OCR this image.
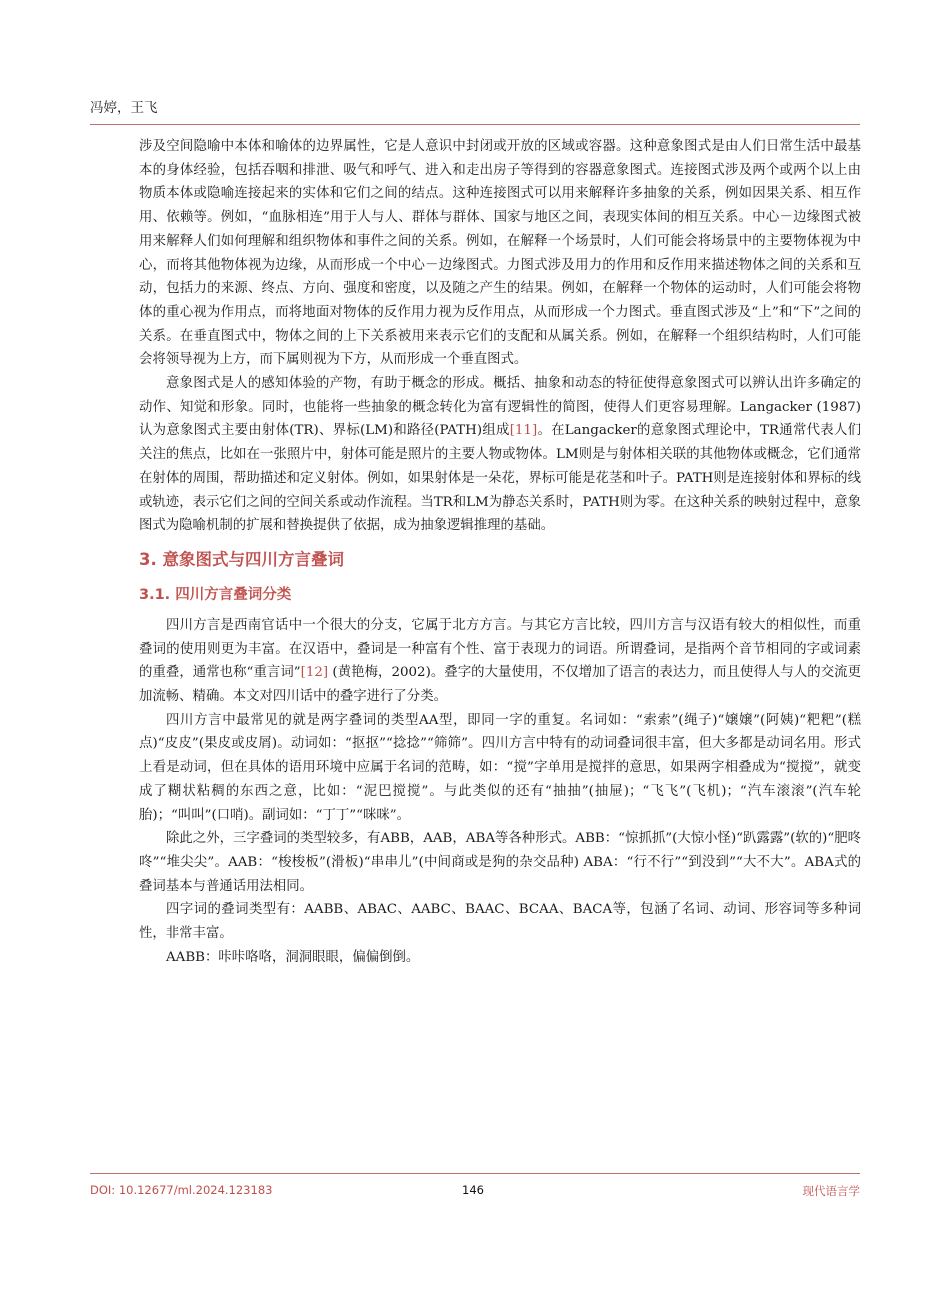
冯婷，王飞

涉及空间隐喻中本体和喻体的边界属性，它是人意识中封闭或开放的区域或容器。这种意象图式是由人们日常生活中最基本的身体经验，包括吞咽和排泄、吸气和呼气、进入和走出房子等得到的容器意象图式。连接图式涉及两个或两个以上由物质本体或隐喻连接起来的实体和它们之间的结点。这种连接图式可以用来解释许多抽象的关系，例如因果关系、相互作用、依赖等。例如，“血脉相连”用于人与人、群体与群体、国家与地区之间，表现实体间的相互关系。中心－边缘图式被用来解释人们如何理解和组织物体和事件之间的关系。例如，在解释一个场景时，人们可能会将场景中的主要物体视为中心，而将其他物体视为边缘，从而形成一个中心－边缘图式。力图式涉及用力的作用和反作用来描述物体之间的关系和互动，包括力的来源、终点、方向、强度和密度，以及随之产生的结果。例如，在解释一个物体的运动时，人们可能会将物体的重心视为作用点，而将地面对物体的反作用力视为反作用点，从而形成一个力图式。垂直图式涉及“上”和“下”之间的关系。在垂直图式中，物体之间的上下关系被用来表示它们的支配和从属关系。例如，在解释一个组织结构时，人们可能会将领导视为上方，而下属则视为下方，从而形成一个垂直图式。

意象图式是人的感知体验的产物，有助于概念的形成。概括、抽象和动态的特征使得意象图式可以辨认出许多确定的动作、知觉和形象。同时，也能将一些抽象的概念转化为富有逻辑性的简图，使得人们更容易理解。Langacker (1987)认为意象图式主要由射体(TR)、界标(LM)和路径(PATH)组成[11]。在Langacker的意象图式理论中，TR通常代表人们关注的焦点，比如在一张照片中，射体可能是照片的主要人物或物体。LM则是与射体相关联的其他物体或概念，它们通常在射体的周围，帮助描述和定义射体。例如，如果射体是一朵花，界标可能是花茎和叶子。PATH则是连接射体和界标的线或轨迹，表示它们之间的空间关系或动作流程。当TR和LM为静态关系时，PATH则为零。在这种关系的映射过程中，意象图式为隐喻机制的扩展和替换提供了依据，成为抽象逻辑推理的基础。

3. 意象图式与四川方言叠词
3.1. 四川方言叠词分类

四川方言是西南官话中一个很大的分支，它属于北方方言。与其它方言比较，四川方言与汉语有较大的相似性，而重叠词的使用则更为丰富。在汉语中，叠词是一种富有个性、富于表现力的词语。所谓叠词，是指两个音节相同的字或词素的重叠，通常也称“重言词”[12] (黄艳梅，2002)。叠字的大量使用，不仅增加了语言的表达力，而且使得人与人的交流更加流畅、精确。本文对四川话中的叠字进行了分类。

四川方言中最常见的就是两字叠词的类型AA型，即同一字的重复。名词如：“索索”(绳子)“嬢嬢”(阿姨)“粑粑”(糕点)“皮皮”(果皮或皮屑)。动词如：“抠抠”“捻捻”“筛筛”。四川方言中特有的动词叠词很丰富，但大多都是动词名用。形式上看是动词，但在具体的语用环境中应属于名词的范畴，如：“搅”字单用是搅拌的意思，如果两字相叠成为“搅搅”，就变成了糊状粘稠的东西之意，比如：“泥巴搅搅”。与此类似的还有“抽抽”(抽屉)；“飞飞”(飞机)；“汽车滚滚”(汽车轮胎)；“叫叫”(口哨)。副词如：“丁丁”“咪咪”。

除此之外，三字叠词的类型较多，有ABB，AAB，ABA等各种形式。ABB：“惊抓抓”(大惊小怪)“趴露露”(软的)“肥咚咚”“堆尖尖”。AAB：“梭梭板”(滑板)“串串儿”(中间商或是狗的杂交品种) ABA：“行不行”“到没到”“大不大”。ABA式的叠词基本与普通话用法相同。

四字词的叠词类型有：AABB、ABAC、AABC、BAAC、BCAA、BACA等，包涵了名词、动词、形容词等多种词性，非常丰富。

AABB：咔咔咯咯，洞洞眼眼，偏偏倒倒。

DOI: 10.12677/ml.2024.123183	146	现代语言学
